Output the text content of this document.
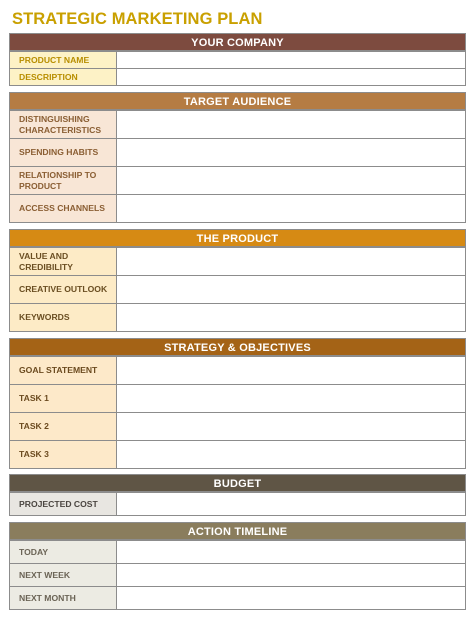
STRATEGIC MARKETING PLAN
YOUR COMPANY
PRODUCT NAME	
DESCRIPTION	
TARGET AUDIENCE
DISTINGUISHING CHARACTERISTICS	
SPENDING HABITS	
RELATIONSHIP TO PRODUCT	
ACCESS CHANNELS	
THE PRODUCT
VALUE AND CREDIBILITY	
CREATIVE OUTLOOK	
KEYWORDS	
STRATEGY & OBJECTIVES
GOAL STATEMENT	
TASK 1	
TASK 2	
TASK 3	
BUDGET
PROJECTED COST	
ACTION TIMELINE
TODAY	
NEXT WEEK	
NEXT MONTH	
